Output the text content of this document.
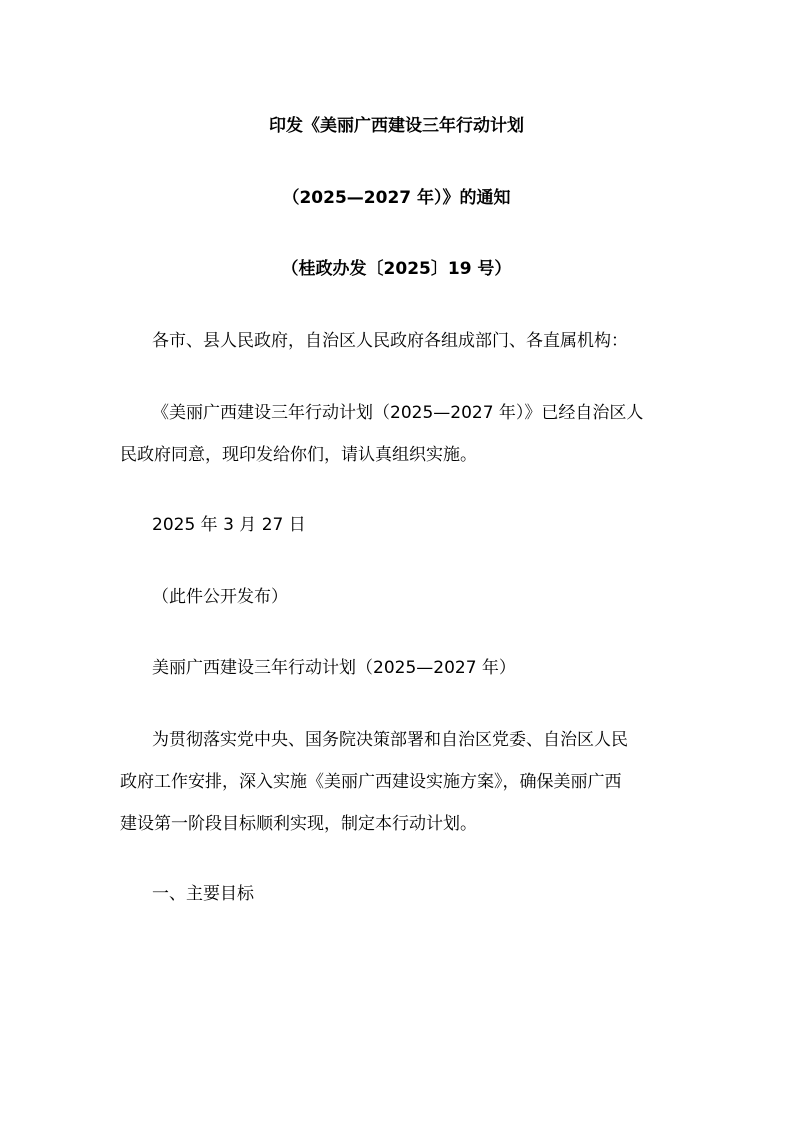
印发《美丽广西建设三年行动计划
（2025—2027 年）》的通知
（桂政办发〔2025〕19 号）
各市、县人民政府，自治区人民政府各组成部门、各直属机构：
《美丽广西建设三年行动计划（2025—2027 年）》已经自治区人
民政府同意，现印发给你们，请认真组织实施。
2025 年 3 月 27 日
（此件公开发布）
美丽广西建设三年行动计划（2025—2027 年）
为贯彻落实党中央、国务院决策部署和自治区党委、自治区人民
政府工作安排，深入实施《美丽广西建设实施方案》，确保美丽广西
建设第一阶段目标顺利实现，制定本行动计划。
一、主要目标
